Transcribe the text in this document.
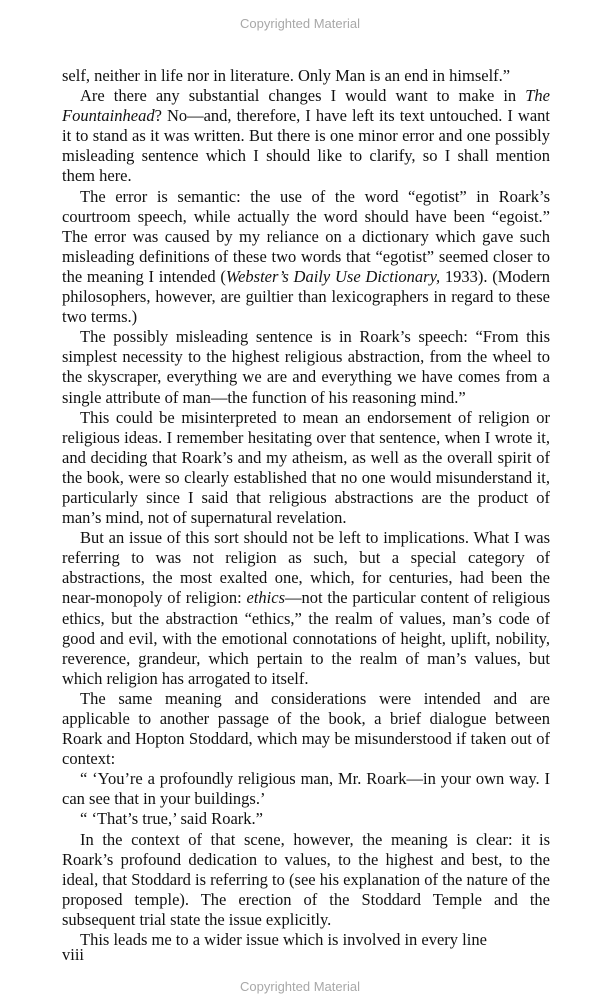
Copyrighted Material

self, neither in life nor in literature. Only Man is an end in himself.”

Are there any substantial changes I would want to make in The Fountainhead? No—and, therefore, I have left its text untouched. I want it to stand as it was written. But there is one minor error and one possibly misleading sentence which I should like to clarify, so I shall mention them here.

The error is semantic: the use of the word “egotist” in Roark’s courtroom speech, while actually the word should have been “egoist.” The error was caused by my reliance on a dictionary which gave such misleading definitions of these two words that “egotist” seemed closer to the meaning I intended (Webster’s Daily Use Dictionary, 1933). (Modern philosophers, however, are guiltier than lexicographers in regard to these two terms.)

The possibly misleading sentence is in Roark’s speech: “From this simplest necessity to the highest religious abstraction, from the wheel to the skyscraper, everything we are and everything we have comes from a single attribute of man—the function of his reasoning mind.”

This could be misinterpreted to mean an endorsement of religion or religious ideas. I remember hesitating over that sentence, when I wrote it, and deciding that Roark’s and my atheism, as well as the overall spirit of the book, were so clearly established that no one would misunderstand it, particularly since I said that religious abstractions are the product of man’s mind, not of supernatural revelation.

But an issue of this sort should not be left to implications. What I was referring to was not religion as such, but a special category of abstractions, the most exalted one, which, for centuries, had been the near-monopoly of religion: ethics—not the particular content of religious ethics, but the abstraction “ethics,” the realm of values, man’s code of good and evil, with the emotional connotations of height, uplift, nobility, reverence, grandeur, which pertain to the realm of man’s values, but which religion has arrogated to itself.

The same meaning and considerations were intended and are applicable to another passage of the book, a brief dialogue between Roark and Hopton Stoddard, which may be misunderstood if taken out of context:

“ ‘You’re a profoundly religious man, Mr. Roark—in your own way. I can see that in your buildings.’

“ ‘That’s true,’ said Roark.”

In the context of that scene, however, the meaning is clear: it is Roark’s profound dedication to values, to the highest and best, to the ideal, that Stoddard is referring to (see his explanation of the nature of the proposed temple). The erection of the Stoddard Temple and the subsequent trial state the issue explicitly.

This leads me to a wider issue which is involved in every line

viii
Copyrighted Material
